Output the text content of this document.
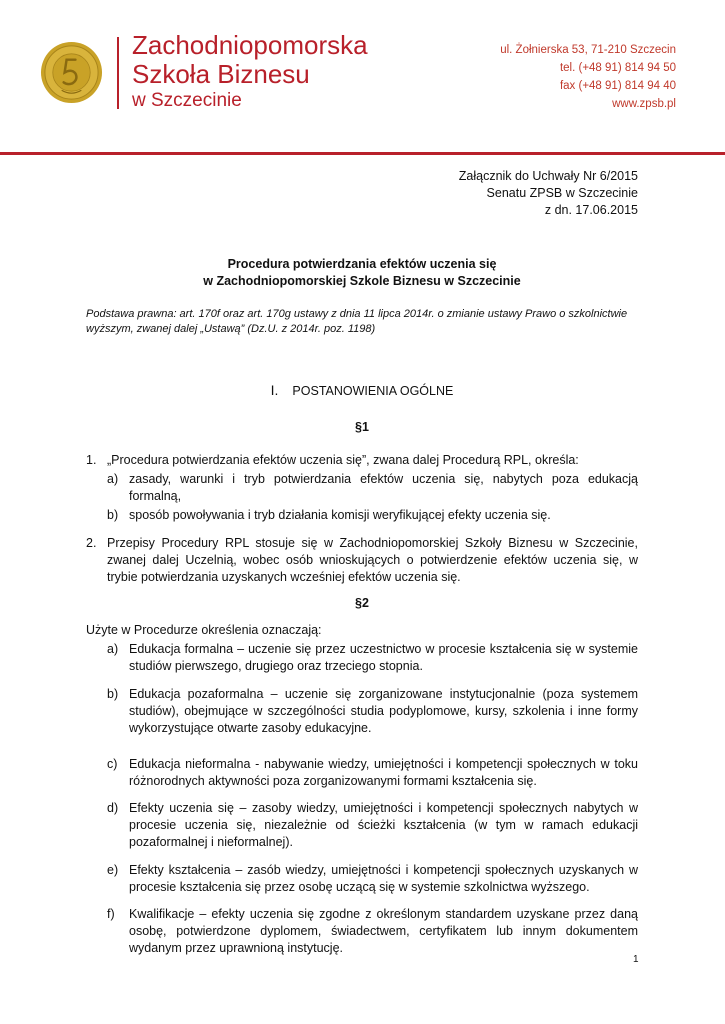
Zachodniopomorska
Szkoła Biznesu
w Szczecinie
ul. Żołnierska 53, 71-210 Szczecin
tel. (+48 91) 814 94 50
fax (+48 91) 814 94 40
www.zpsb.pl
Załącznik do Uchwały Nr 6/2015
Senatu ZPSB w Szczecinie
z dn. 17.06.2015
Procedura potwierdzania efektów uczenia się
w Zachodniopomorskiej Szkole Biznesu w Szczecinie
Podstawa prawna: art. 170f oraz art. 170g ustawy z dnia 11 lipca 2014r. o zmianie ustawy Prawo o szkolnictwie wyższym, zwanej dalej „Ustawą” (Dz.U. z 2014r. poz. 1198)
I. POSTANOWIENIA OGÓLNE
§1
1. „Procedura potwierdzania efektów uczenia się”, zwana dalej Procedurą RPL, określa:
a) zasady, warunki i tryb potwierdzania efektów uczenia się, nabytych poza edukacją formalną,
b) sposób powoływania i tryb działania komisji weryfikującej efekty uczenia się.
2. Przepisy Procedury RPL stosuje się w Zachodniopomorskiej Szkoły Biznesu w Szczecinie, zwanej dalej Uczelnią, wobec osób wnioskujących o potwierdzenie efektów uczenia się, w trybie potwierdzania uzyskanych wcześniej efektów uczenia się.
§2
Użyte w Procedurze określenia oznaczają:
a) Edukacja formalna – uczenie się przez uczestnictwo w procesie kształcenia się w systemie studiów pierwszego, drugiego oraz trzeciego stopnia.
b) Edukacja pozaformalna – uczenie się zorganizowane instytucjonalnie (poza systemem studiów), obejmujące w szczególności studia podyplomowe, kursy, szkolenia i inne formy wykorzystujące otwarte zasoby edukacyjne.
c) Edukacja nieformalna - nabywanie wiedzy, umiejętności i kompetencji społecznych w toku różnorodnych aktywności poza zorganizowanymi formami kształcenia się.
d) Efekty uczenia się – zasoby wiedzy, umiejętności i kompetencji społecznych nabytych w procesie uczenia się, niezależnie od ścieżki kształcenia (w tym w ramach edukacji pozaformalnej i nieformalnej).
e) Efekty kształcenia – zasób wiedzy, umiejętności i kompetencji społecznych uzyskanych w procesie kształcenia się przez osobę uczącą się w systemie szkolnictwa wyższego.
f)	Kwalifikacje – efekty uczenia się zgodne z określonym standardem uzyskane przez daną osobę, potwierdzone dyplomem, świadectwem, certyfikatem lub innym dokumentem wydanym przez uprawnioną instytucję.
1
